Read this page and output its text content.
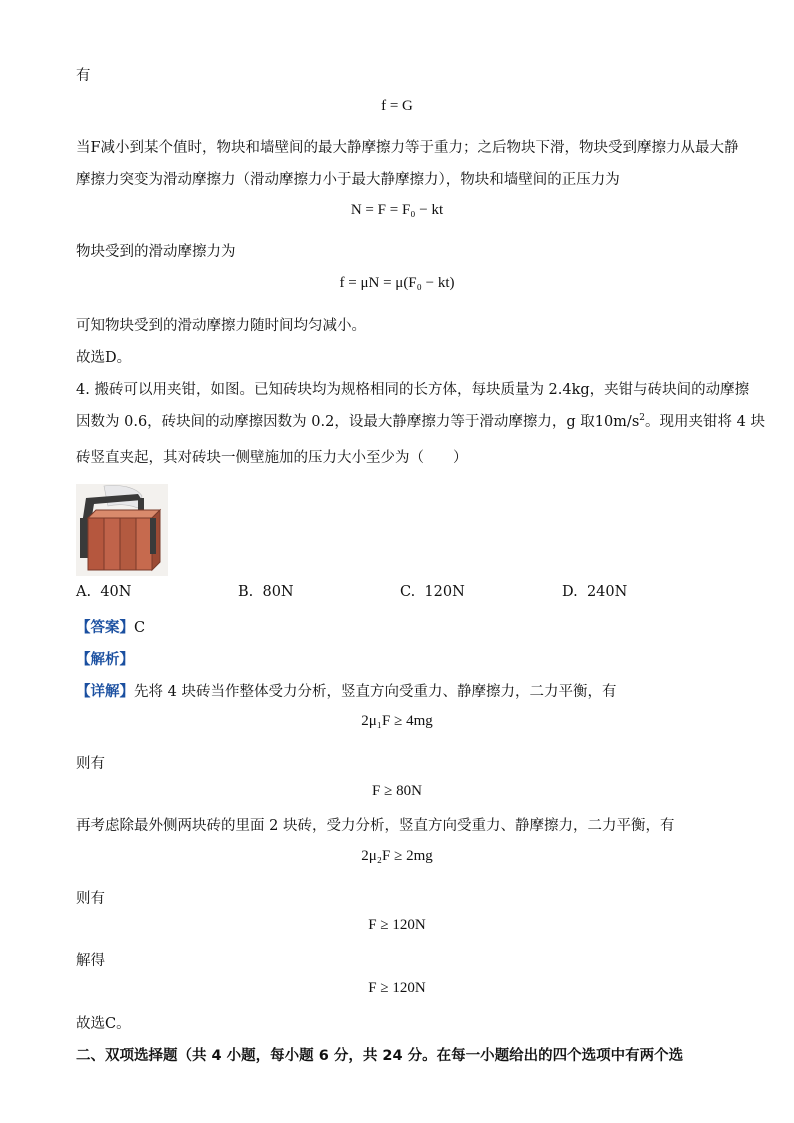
有
f = G
当F减小到某个值时，物块和墙壁间的最大静摩擦力等于重力；之后物块下滑，物块受到摩擦力从最大静
摩擦力突变为滑动摩擦力（滑动摩擦力小于最大静摩擦力），物块和墙壁间的正压力为
N = F = F₀ − kt
物块受到的滑动摩擦力为
f = μN = μ(F₀ − kt)
可知物块受到的滑动摩擦力随时间均匀减小。
故选D。
4. 搬砖可以用夹钳，如图。已知砖块均为规格相同的长方体，每块质量为 2.4kg，夹钳与砖块间的动摩擦
因数为 0.6，砖块间的动摩擦因数为 0.2，设最大静摩擦力等于滑动摩擦力，g 取$10m/s^2$。现用夹钳将 4 块
砖竖直夹起，其对砖块一侧壁施加的压力大小至少为（　　）
A. 40N	B. 80N	C. 120N	D. 240N
【答案】C
【解析】
【详解】先将 4 块砖当作整体受力分析，竖直方向受重力、静摩擦力，二力平衡，有
2μ₁F ≥ 4mg
则有
F ≥ 80N
再考虑除最外侧两块砖的里面 2 块砖，受力分析，竖直方向受重力、静摩擦力，二力平衡，有
2μ₂F ≥ 2mg
则有
F ≥ 120N
解得
F ≥ 120N
故选C。
二、双项选择题（共 4 小题，每小题 6 分，共 24 分。在每一小题给出的四个选项中有两个选
